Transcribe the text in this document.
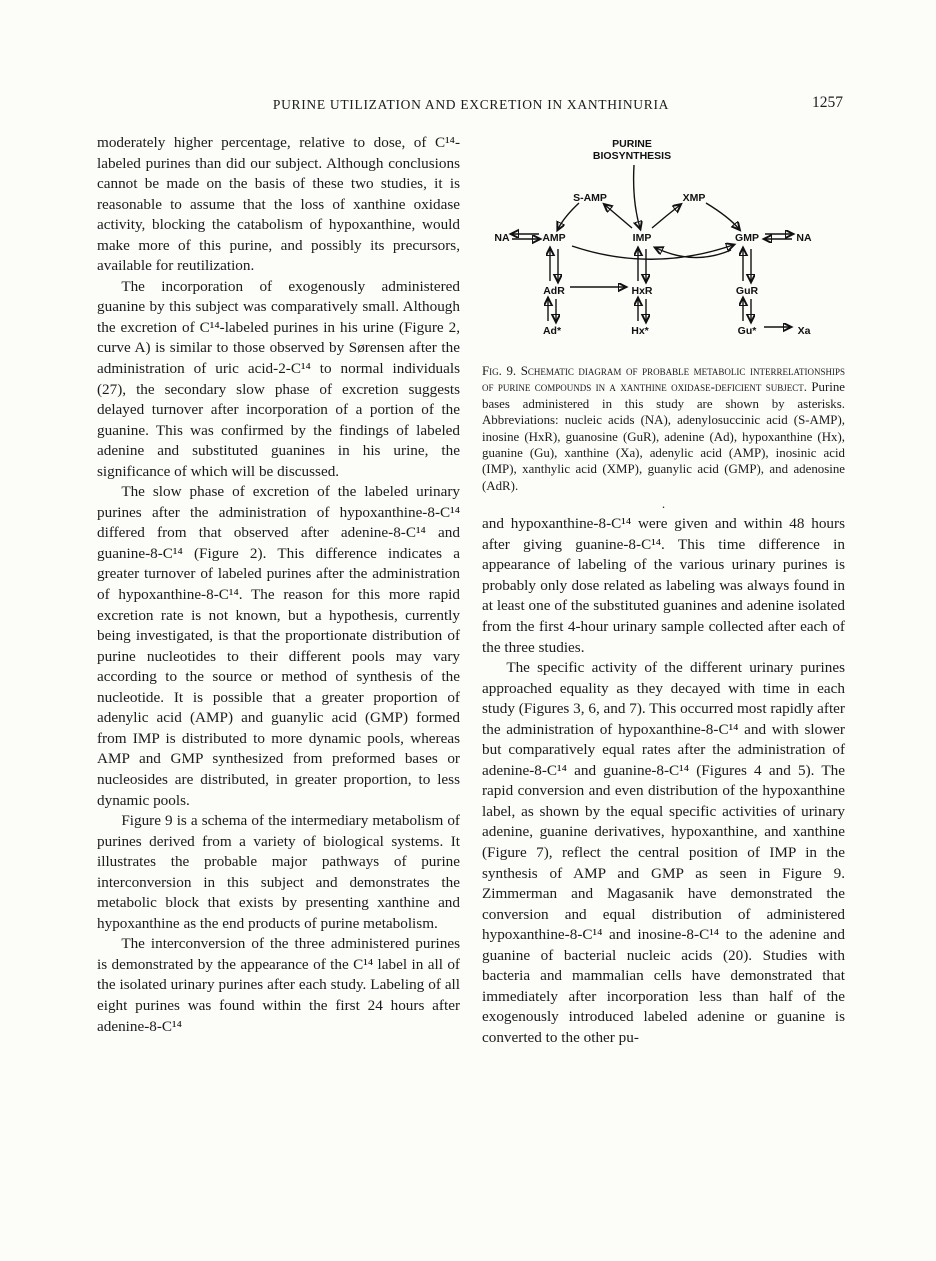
PURINE UTILIZATION AND EXCRETION IN XANTHINURIA	1257

moderately higher percentage, relative to dose, of C¹⁴-labeled purines than did our subject. Although conclusions cannot be made on the basis of these two studies, it is reasonable to assume that the loss of xanthine oxidase activity, blocking the catabolism of hypoxanthine, would make more of this purine, and possibly its precursors, available for reutilization.

The incorporation of exogenously administered guanine by this subject was comparatively small. Although the excretion of C¹⁴-labeled purines in his urine (Figure 2, curve A) is similar to those observed by Sørensen after the administration of uric acid-2-C¹⁴ to normal individuals (27), the secondary slow phase of excretion suggests delayed turnover after incorporation of a portion of the guanine. This was confirmed by the findings of labeled adenine and substituted guanines in his urine, the significance of which will be discussed.

The slow phase of excretion of the labeled urinary purines after the administration of hypoxanthine-8-C¹⁴ differed from that observed after adenine-8-C¹⁴ and guanine-8-C¹⁴ (Figure 2). This difference indicates a greater turnover of labeled purines after the administration of hypoxanthine-8-C¹⁴. The reason for this more rapid excretion rate is not known, but a hypothesis, currently being investigated, is that the proportionate distribution of purine nucleotides to their different pools may vary according to the source or method of synthesis of the nucleotide. It is possible that a greater proportion of adenylic acid (AMP) and guanylic acid (GMP) formed from IMP is distributed to more dynamic pools, whereas AMP and GMP synthesized from preformed bases or nucleosides are distributed, in greater proportion, to less dynamic pools.

Figure 9 is a schema of the intermediary metabolism of purines derived from a variety of biological systems. It illustrates the probable major pathways of purine interconversion in this subject and demonstrates the metabolic block that exists by presenting xanthine and hypoxanthine as the end products of purine metabolism.

The interconversion of the three administered purines is demonstrated by the appearance of the C¹⁴ label in all of the isolated urinary purines after each study. Labeling of all eight purines was found within the first 24 hours after adenine-8-C¹⁴

PURINE
BIOSYNTHESIS
S-AMP	XMP
NA	AMP	IMP	GMP	NA
AdR	HxR	GuR
Ad*	Hx*	Gu*	Xa
Fig. 9. Schematic diagram of probable metabolic interrelationships of purine compounds in a xanthine oxidase-deficient subject. Purine bases administered in this study are shown by asterisks. Abbreviations: nucleic acids (NA), adenylosuccinic acid (S-AMP), inosine (HxR), guanosine (GuR), adenine (Ad), hypoxanthine (Hx), guanine (Gu), xanthine (Xa), adenylic acid (AMP), inosinic acid (IMP), xanthylic acid (XMP), guanylic acid (GMP), and adenosine (AdR).
.

and hypoxanthine-8-C¹⁴ were given and within 48 hours after giving guanine-8-C¹⁴. This time difference in appearance of labeling of the various urinary purines is probably only dose related as labeling was always found in at least one of the substituted guanines and adenine isolated from the first 4-hour urinary sample collected after each of the three studies.

The specific activity of the different urinary purines approached equality as they decayed with time in each study (Figures 3, 6, and 7). This occurred most rapidly after the administration of hypoxanthine-8-C¹⁴ and with slower but comparatively equal rates after the administration of adenine-8-C¹⁴ and guanine-8-C¹⁴ (Figures 4 and 5). The rapid conversion and even distribution of the hypoxanthine label, as shown by the equal specific activities of urinary adenine, guanine derivatives, hypoxanthine, and xanthine (Figure 7), reflect the central position of IMP in the synthesis of AMP and GMP as seen in Figure 9. Zimmerman and Magasanik have demonstrated the conversion and equal distribution of administered hypoxanthine-8-C¹⁴ and inosine-8-C¹⁴ to the adenine and guanine of bacterial nucleic acids (20). Studies with bacteria and mammalian cells have demonstrated that immediately after incorporation less than half of the exogenously introduced labeled adenine or guanine is converted to the other pu-
